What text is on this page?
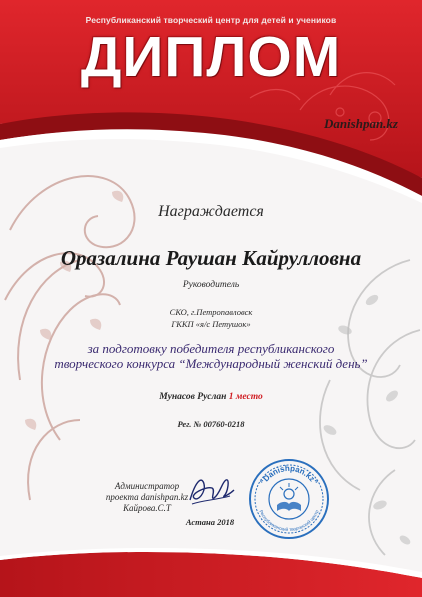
Республиканский творческий центр для детей и учеников
ДИПЛОМ
Danishpan.kz
Награждается
Оразалина Раушан Кайрулловна
Руководитель
СКО, г.Петропавловск
ГККП «я/с Петушок»
за подготовку победителя республиканского
творческого конкурса “Международный женский день”
Мунасов Руслан 1 место
Рег. № 00760-0218
Администратор
проекта danishpan.kz
Кайрова.С.Т
Астана 2018
"Danishpan.kz"
Республиканский творческий центр
